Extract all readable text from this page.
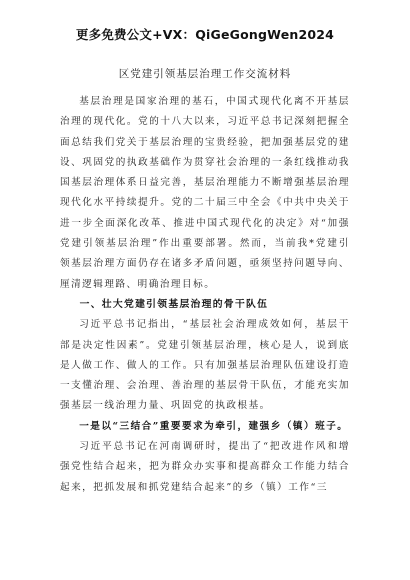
更多免费公文+VX：QiGeGongWen2024
区党建引领基层治理工作交流材料

基层治理是国家治理的基石，中国式现代化离不开基层治理的现代化。党的十八大以来，习近平总书记深刻把握全面总结我们党关于基层治理的宝贵经验，把加强基层党的建设、巩固党的执政基础作为贯穿社会治理的一条红线推动我国基层治理体系日益完善，基层治理能力不断增强基层治理现代化水平持续提升。党的二十届三中全会《中共中央关于进一步全面深化改革、推进中国式现代化的决定》对“加强党建引领基层治理”作出重要部署。然而，当前我*党建引领基层治理方面仍存在诸多矛盾问题，亟须坚持问题导向、厘清逻辑理路、明确治理目标。

一、壮大党建引领基层治理的骨干队伍

习近平总书记指出，“基层社会治理成效如何，基层干部是决定性因素”。党建引领基层治理，核心是人，说到底是人做工作、做人的工作。只有加强基层治理队伍建设打造一支懂治理、会治理、善治理的基层骨干队伍，才能充实加强基层一线治理力量、巩固党的执政根基。

一是以“三结合”重要要求为牵引，建强乡（镇）班子。

习近平总书记在河南调研时，提出了“把改进作风和增强党性结合起来，把为群众办实事和提高群众工作能力结合起来，把抓发展和抓党建结合起来”的乡（镇）工作“三
